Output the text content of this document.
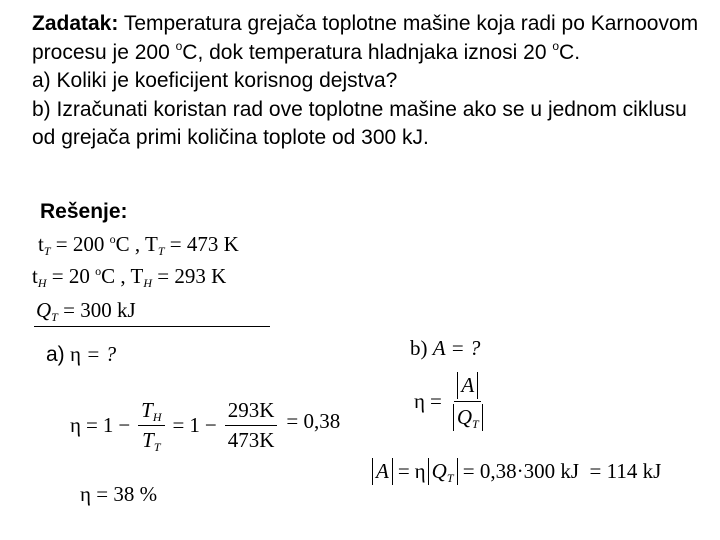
Zadatak: Temperatura grejača toplotne mašine koja radi po Karnoovom procesu je 200 $^o$C, dok temperatura hladnjaka iznosi 20 $^o$C.

a) Koliki je koeficijent korisnog dejstva?

b) Izračunati koristan rad ove toplotne mašine ako se u jednom ciklusu od grejača primi količina toplote od 300 kJ.

Rešenje:
$t_T = 200$ $^o$C , $T_T = 473$ K
$t_H = 20$ $^o$C , $T_H = 293$ K
$Q_T = 300$ kJ
a) η = ?	b) A = ?
$\eta = 1 - \frac{T_H}{T_T} = 1 - \frac{293K}{473K} = 0,38$
η = 38 %
$\eta = \frac{A}{Q_T}$
A = η $Q_T = 0,38\cdot 300$ kJ  = 114 kJ
